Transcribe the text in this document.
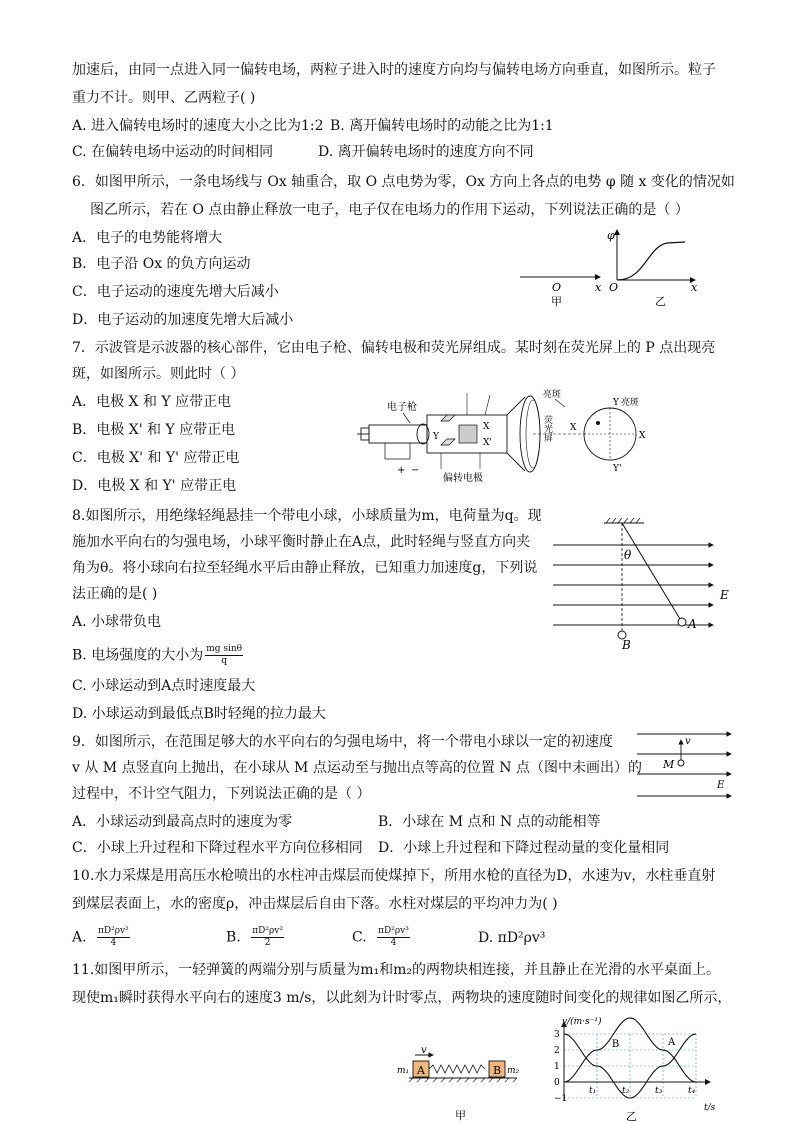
加速后，由同一点进入同一偏转电场，两粒子进入时的速度方向均与偏转电场方向垂直，如图所示。粒子
重力不计。则甲、乙两粒子( )
A. 进入偏转电场时的速度大小之比为1:2 B. 离开偏转电场时的动能之比为1:1
C. 在偏转电场中运动的时间相同	D. 离开偏转电场时的速度方向不同
6．如图甲所示，一条电场线与 Ox 轴重合，取 O 点电势为零，Ox 方向上各点的电势 φ 随 x 变化的情况如
图乙所示，若在 O 点由静止释放一电子，电子仅在电场力的作用下运动，下列说法正确的是（ ）
A．电子的电势能将增大
B．电子沿 Ox 的负方向运动
C．电子运动的速度先增大后减小
D．电子运动的加速度先增大后减小
O	x
甲
φ
O	x
乙
7．示波管是示波器的核心部件，它由电子枪、偏转电极和荧光屏组成。某时刻在荧光屏上的 P 点出现亮
斑，如图所示。则此时（ ）
A．电极 X 和 Y 应带正电
B．电极 X' 和 Y 应带正电
C．电极 X' 和 Y' 应带正电
D．电极 X 和 Y' 应带正电
电子枪
+ −
Y
X
X'
偏转电极
荧光屏
亮斑
X
Y 亮斑
Y'
X
8.如图所示，用绝缘轻绳悬挂一个带电小球，小球质量为m，电荷量为q。现
施加水平向右的匀强电场，小球平衡时静止在A点，此时轻绳与竖直方向夹
角为θ。将小球向右拉至轻绳水平后由静止释放，已知重力加速度g，下列说
法正确的是( )
A. 小球带负电
B. 电场强度的大小为 $\frac{\text{mg sinθ}}{q}$
C. 小球运动到A点时速度最大
D. 小球运动到最低点B时轻绳的拉力最大
θ
A
B
E
9．如图所示，在范围足够大的水平向右的匀强电场中，将一个带电小球以一定的初速度
v 从 M 点竖直向上抛出，在小球从 M 点运动至与抛出点等高的位置 N 点（图中未画出）的
过程中，不计空气阻力，下列说法正确的是（ ）
A．小球运动到最高点时的速度为零	B．小球在 M 点和 N 点的动能相等
C．小球上升过程和下降过程水平方向位移相同 D．小球上升过程和下降过程动量的变化量相同
v
M
E
10.水力采煤是用高压水枪喷出的水柱冲击煤层而使煤掉下，所用水枪的直径为D，水速为v，水柱垂直射
到煤层表面上，水的密度ρ，冲击煤层后自由下落。水柱对煤层的平均冲力为( )
A. $\frac{\text{πD²ρv²}}{4}$	B. $\frac{\text{πD²ρv²}}{2}$	C. $\frac{\text{πD²ρv³}}{4}$	D. πD²ρv³
11.如图甲所示，一轻弹簧的两端分别与质量为m₁和m₂的两物块相连接，并且静止在光滑的水平桌面上。
现使m₁瞬时获得水平向右的速度3 m/s，以此刻为计时零点，两物块的速度随时间变化的规律如图乙所示，
v
m₁ A	B m₂
甲
v/(m·s⁻¹)
t/s
乙
3
2
1
0
−1
t₁	t₂	t₃	t₄
A
B
